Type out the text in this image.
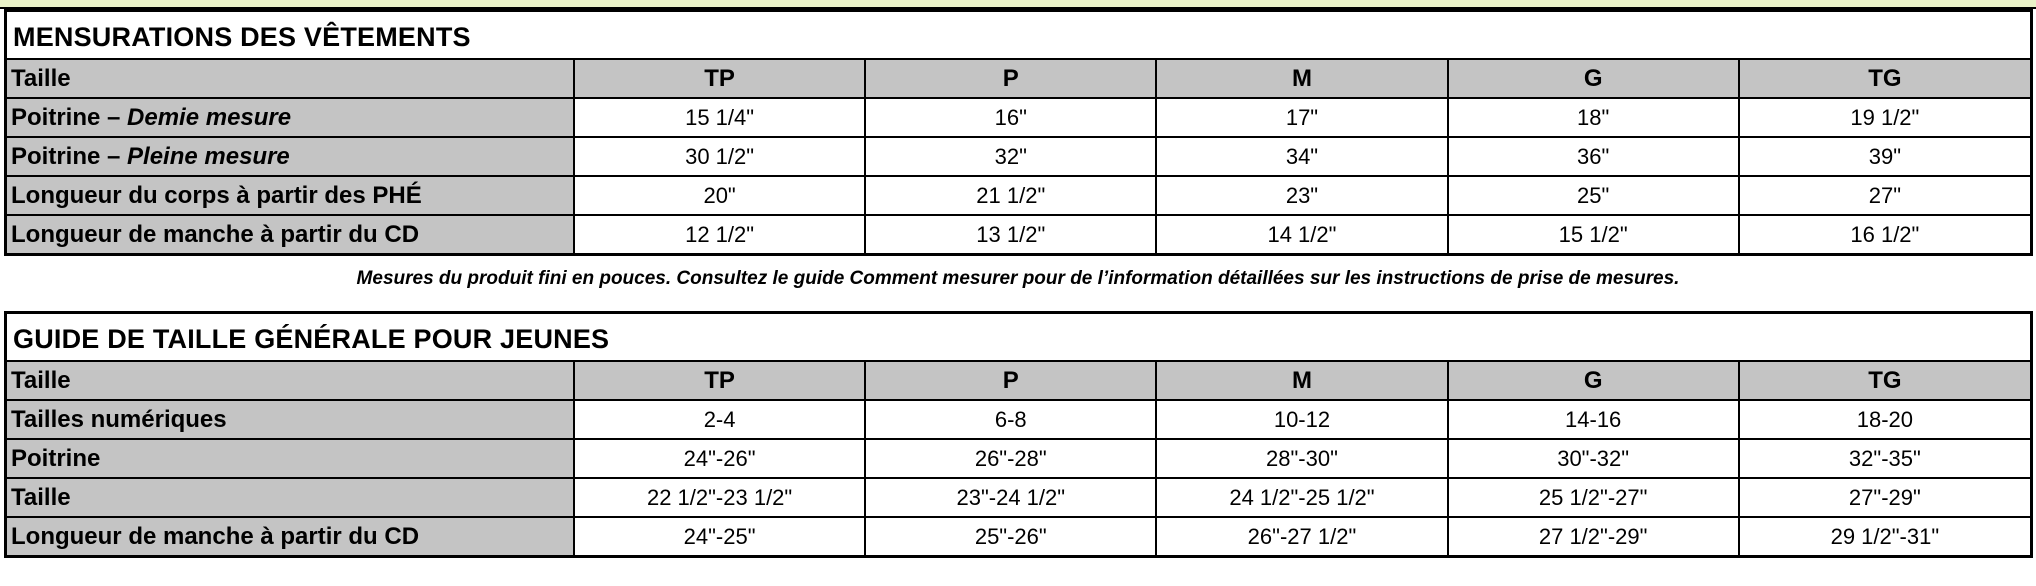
MENSURATIONS DES VÊTEMENTS
Taille	TP	P	M	G	TG
Poitrine – Demie mesure	15 1/4"	16"	17"	18"	19 1/2"
Poitrine – Pleine mesure	30 1/2"	32"	34"	36"	39"
Longueur du corps à partir des PHÉ	20"	21 1/2"	23"	25"	27"
Longueur de manche à partir du CD	12 1/2"	13 1/2"	14 1/2"	15 1/2"	16 1/2"
Mesures du produit fini en pouces. Consultez le guide Comment mesurer pour de l’information détaillées sur les instructions de prise de mesures.
GUIDE DE TAILLE GÉNÉRALE POUR JEUNES
Taille	TP	P	M	G	TG
Tailles numériques	2-4	6-8	10-12	14-16	18-20
Poitrine	24"-26"	26"-28"	28"-30"	30"-32"	32"-35"
Taille	22 1/2"-23 1/2"	23"-24 1/2"	24 1/2"-25 1/2"	25 1/2"-27"	27"-29"
Longueur de manche à partir du CD	24"-25"	25"-26"	26"-27 1/2"	27 1/2"-29"	29 1/2"-31"
